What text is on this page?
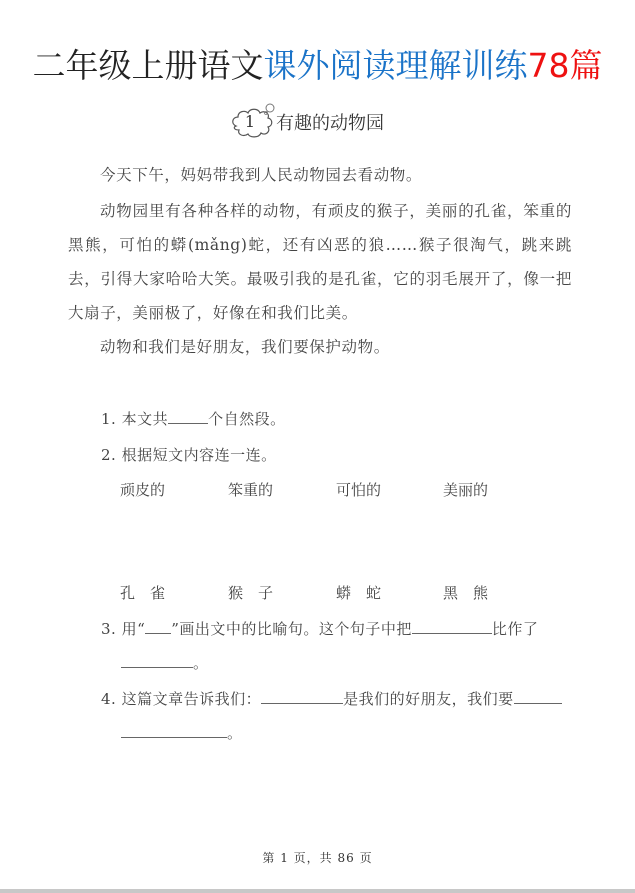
二年级上册语文课外阅读理解训练78篇
1	有趣的动物园
今天下午，妈妈带我到人民动物园去看动物。
动物园里有各种各样的动物，有顽皮的猴子，美丽的孔雀，笨重的黑熊，可怕的蟒(mǎng)蛇，还有凶恶的狼……猴子很淘气，跳来跳去，引得大家哈哈大笑。最吸引我的是孔雀，它的羽毛展开了，像一把大扇子，美丽极了，好像在和我们比美。
动物和我们是好朋友，我们要保护动物。
1. 本文共	个自然段。
2. 根据短文内容连一连。
顽皮的	笨重的	可怕的	美丽的
孔　雀	猴　子	蟒　蛇	黑　熊
3. 用“ ”画出文中的比喻句。这个句子中把	比作了
。
4. 这篇文章告诉我们：	是我们的好朋友，我们要
。
第 1 页，共 86 页
